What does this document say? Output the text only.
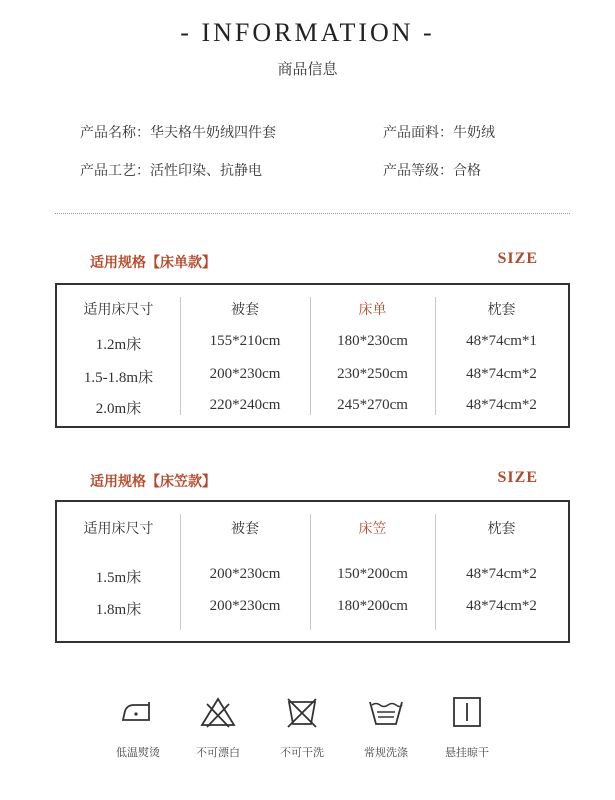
- INFORMATION -
商品信息
产品名称：华夫格牛奶绒四件套	产品面料：牛奶绒
产品工艺：活性印染、抗静电	产品等级：合格
适用规格【床单款】	SIZE
适用床尺寸	被套	床单	枕套
1.2m床	155*210cm	180*230cm	48*74cm*1
1.5-1.8m床	200*230cm	230*250cm	48*74cm*2
2.0m床	220*240cm	245*270cm	48*74cm*2
适用规格【床笠款】	SIZE
适用床尺寸	被套	床笠	枕套
1.5m床	200*230cm	150*200cm	48*74cm*2
1.8m床	200*230cm	180*200cm	48*74cm*2
低温熨烫	不可漂白	不可干洗	常规洗涤	悬挂晾干
